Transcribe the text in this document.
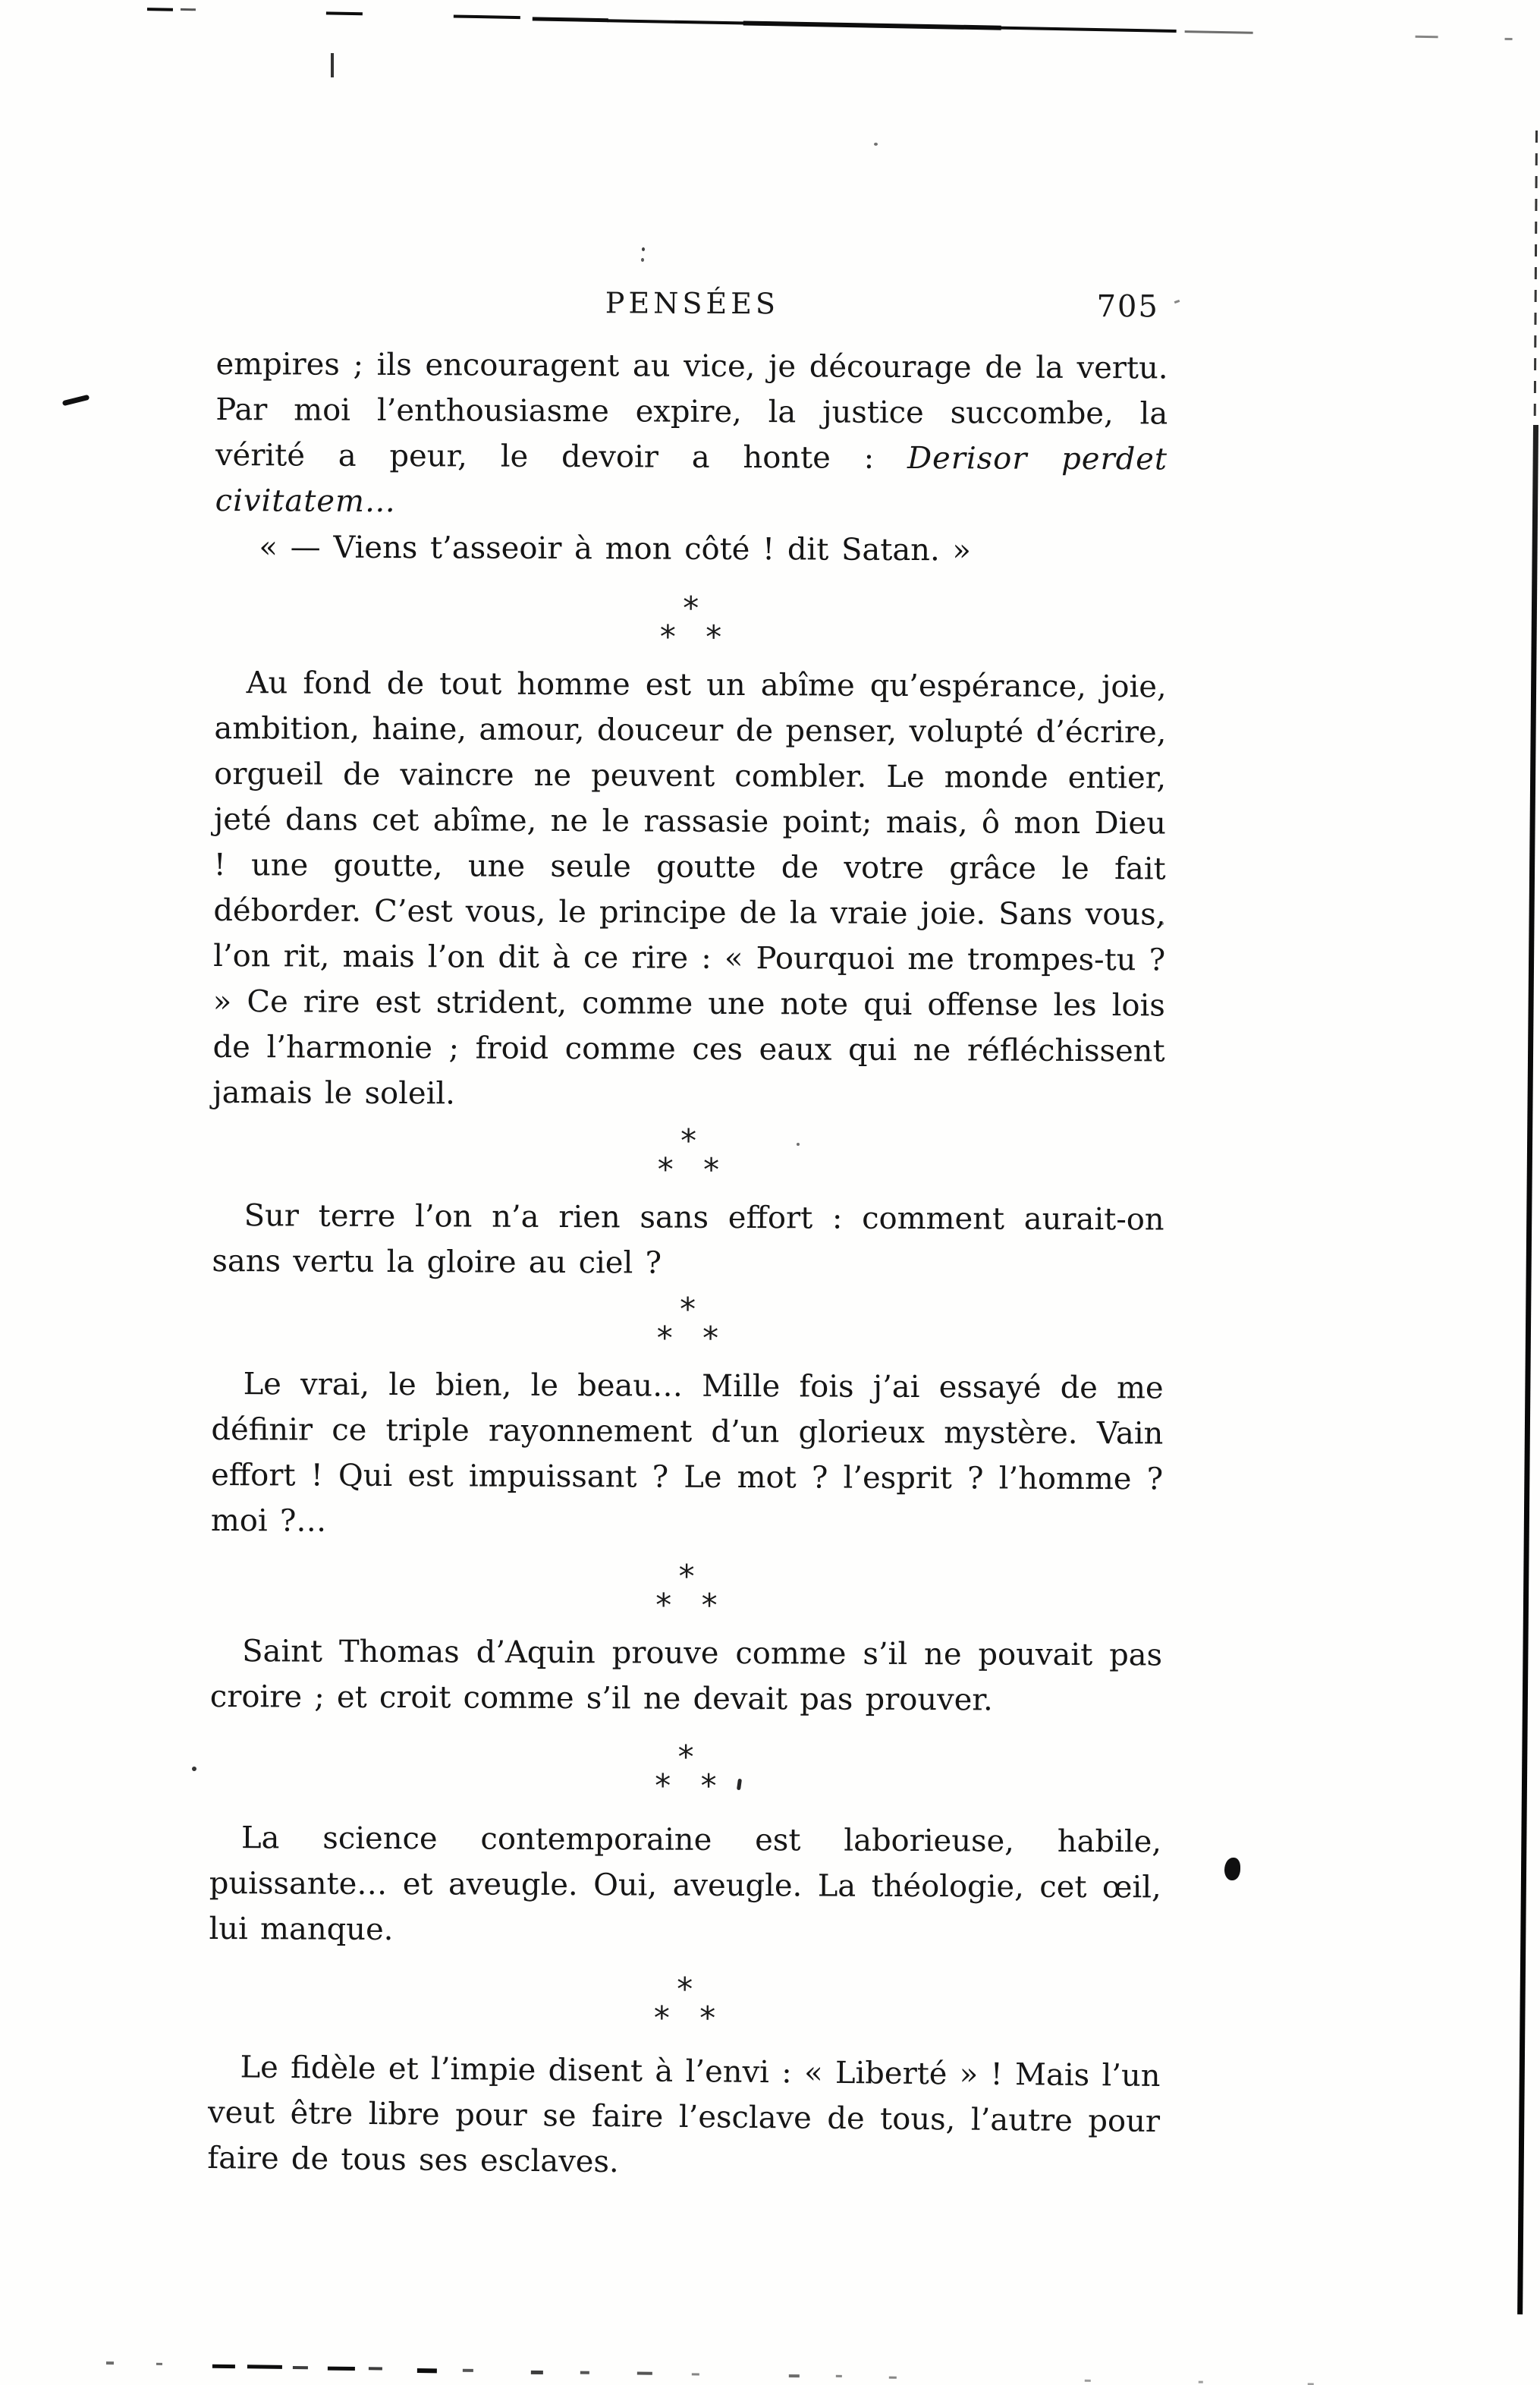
PENSÉES	705

empires ; ils encouragent au vice, je décourage de la vertu. Par moi l’enthousiasme expire, la justice succombe, la vérité a peur, le devoir a honte : Derisor perdet civitatem…

« — Viens t’asseoir à mon côté ! dit Satan. »

*
* *

Au fond de tout homme est un abîme qu’espérance, joie, ambition, haine, amour, douceur de penser, volupté d’écrire, orgueil de vaincre ne peuvent combler. Le monde entier, jeté dans cet abîme, ne le rassasie point; mais, ô mon Dieu ! une goutte, une seule goutte de votre grâce le fait déborder. C’est vous, le principe de la vraie joie. Sans vous, l’on rit, mais l’on dit à ce rire : « Pourquoi me trompes-tu ? » Ce rire est strident, comme une note qui offense les lois de l’harmonie ; froid comme ces eaux qui ne réfléchissent jamais le soleil.

*
* *

Sur terre l’on n’a rien sans effort : comment aurait-on sans vertu la gloire au ciel ?

*
* *

Le vrai, le bien, le beau… Mille fois j’ai essayé de me définir ce triple rayonnement d’un glorieux mystère. Vain effort ! Qui est impuissant ? Le mot ? l’esprit ? l’homme ? moi ?…

*
* *

Saint Thomas d’Aquin prouve comme s’il ne pouvait pas croire ; et croit comme s’il ne devait pas prouver.

*
* *

La science contemporaine est laborieuse, habile, puissante… et aveugle. Oui, aveugle. La théologie, cet œil, lui manque.

*
* *

Le fidèle et l’impie disent à l’envi : « Liberté » ! Mais l’un veut être libre pour se faire l’esclave de tous, l’autre pour faire de tous ses esclaves.
